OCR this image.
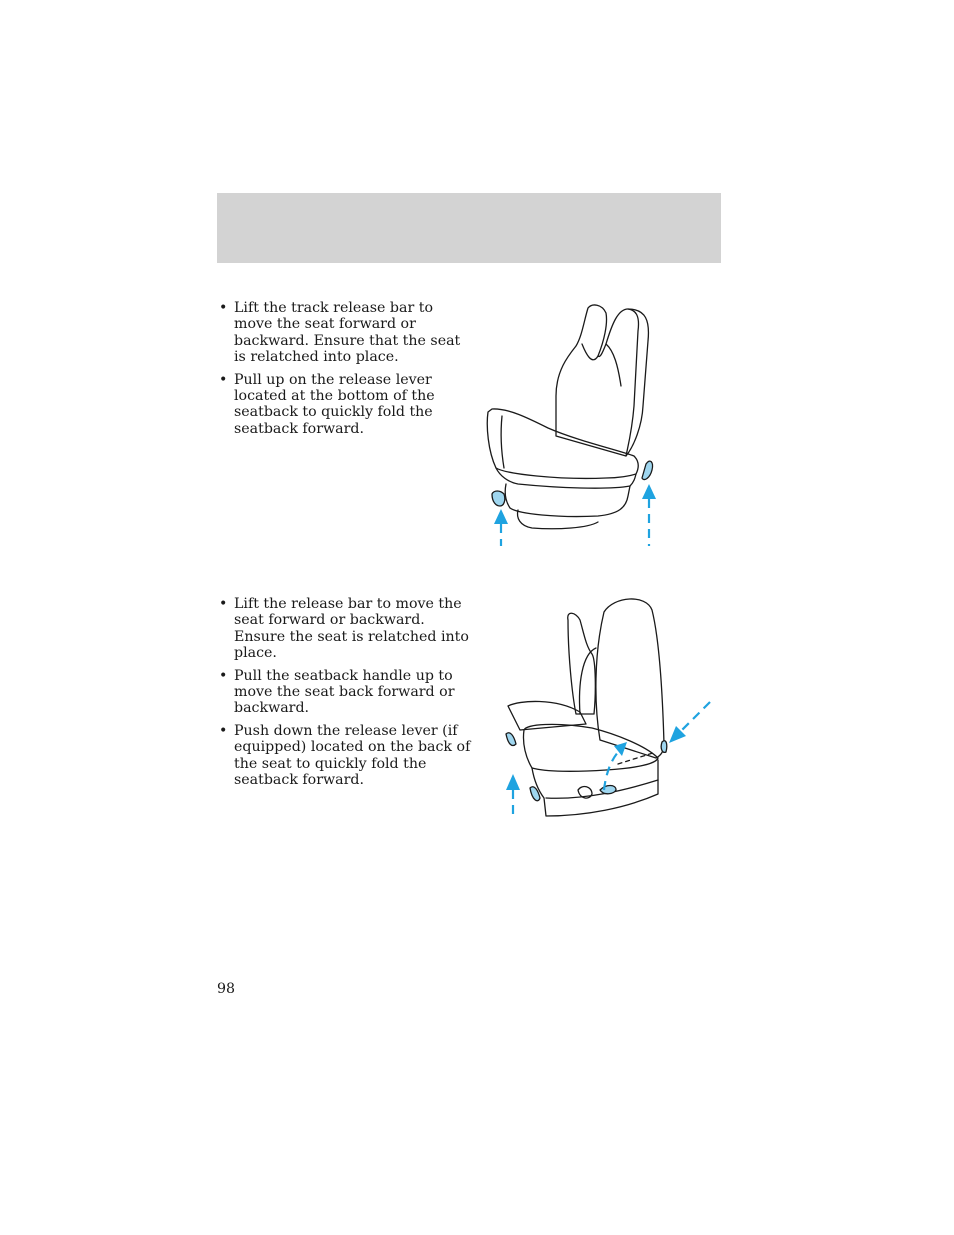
• Lift the track release bar to move the seat forward or backward. Ensure that the seat is relatched into place.
• Pull up on the release lever located at the bottom of the seatback to quickly fold the seatback forward.
• Lift the release bar to move the seat forward or backward. Ensure the seat is relatched into place.
• Pull the seatback handle up to move the seat back forward or backward.
• Push down the release lever (if equipped) located on the back of the seat to quickly fold the seatback forward.
98
